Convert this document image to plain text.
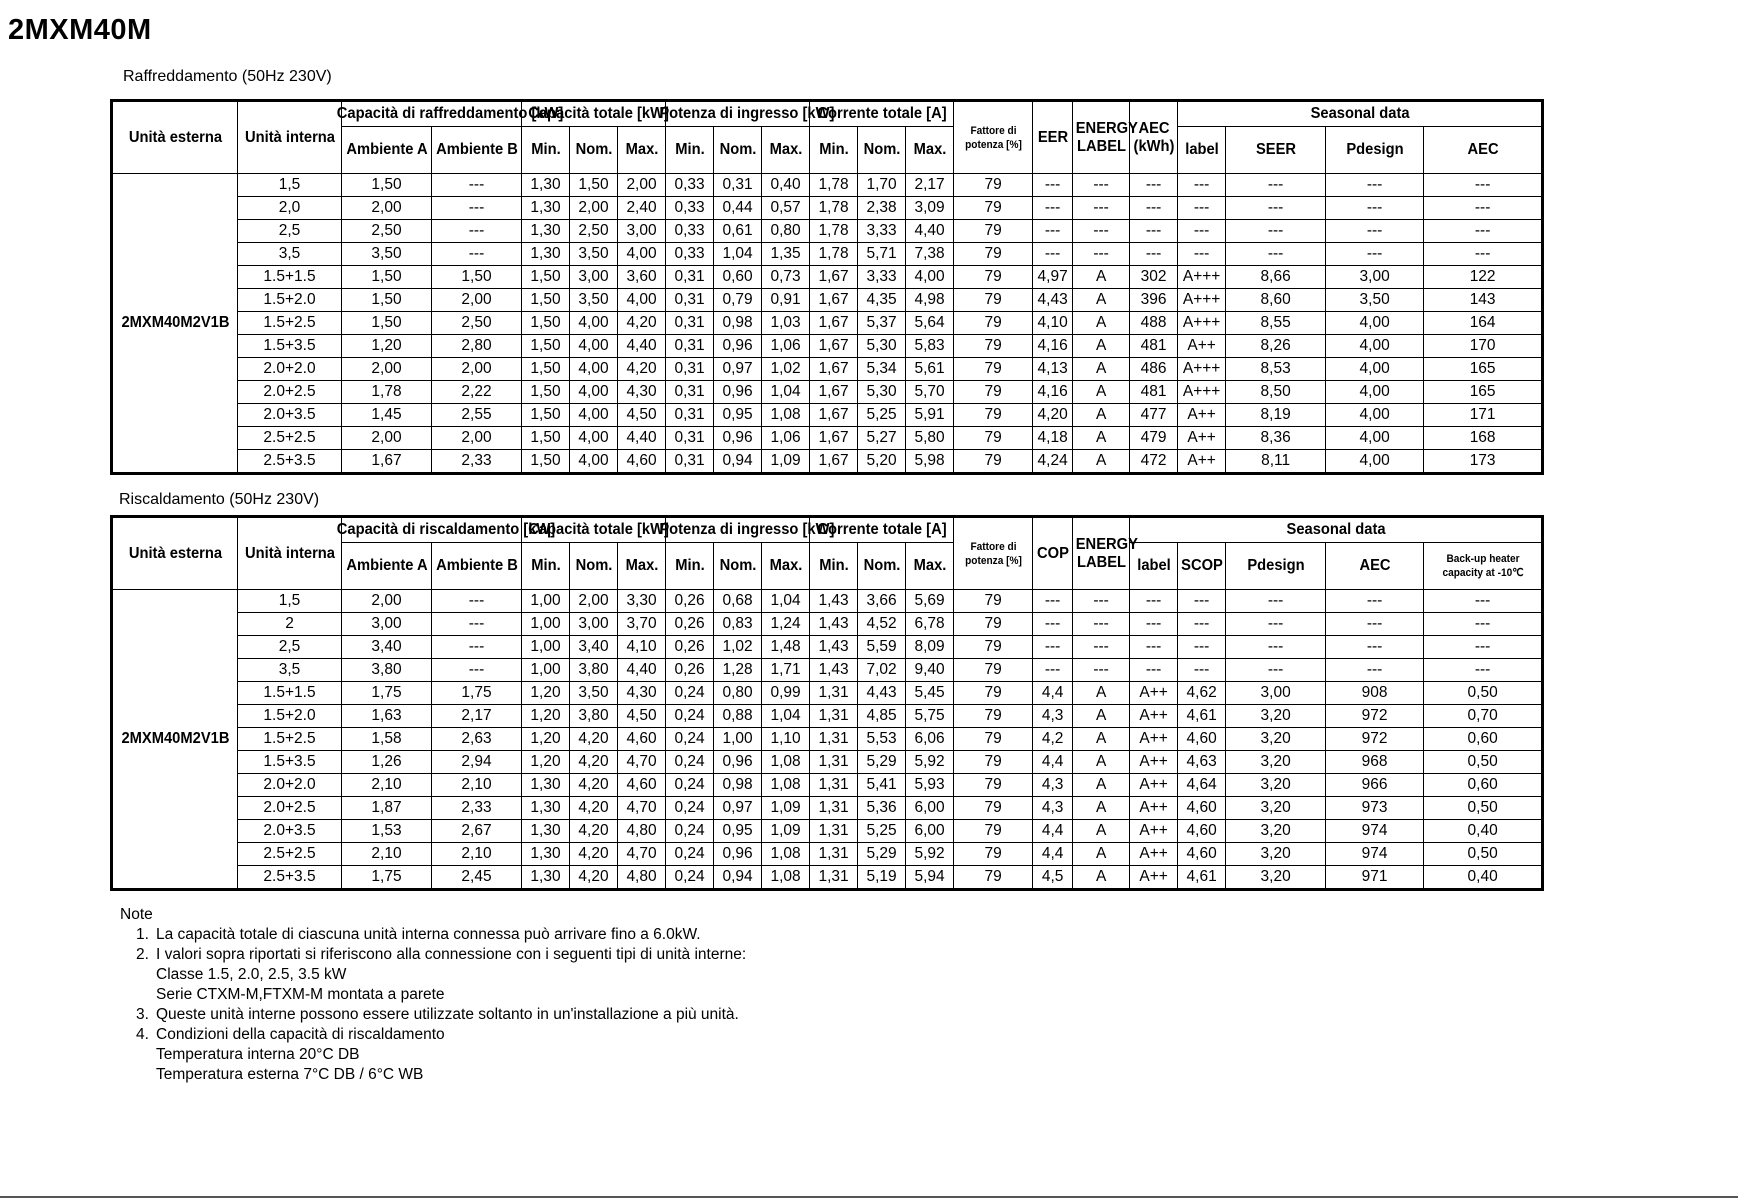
2MXM40M
Raffreddamento (50Hz 230V)
Unità esterna	Unità interna	Capacità di raffreddamento [kW]		Capacità totale [kW]			Potenza di ingresso [kW]			Corrente totale [A]			Fattore di potenza [%]	EER	ENERGY LABEL	AEC (kWh)	Seasonal data			
		Ambiente A	Ambiente B	Min.	Nom.	Max.	Min.	Nom.	Max.	Min.	Nom.	Max.					label	SEER	Pdesign	AEC
2MXM40M2V1B	1,5	1,50	---	1,30	1,50	2,00	0,33	0,31	0,40	1,78	1,70	2,17	79	---	---	---	---	---	---	---
	2,0	2,00	---	1,30	2,00	2,40	0,33	0,44	0,57	1,78	2,38	3,09	79	---	---	---	---	---	---	---
	2,5	2,50	---	1,30	2,50	3,00	0,33	0,61	0,80	1,78	3,33	4,40	79	---	---	---	---	---	---	---
	3,5	3,50	---	1,30	3,50	4,00	0,33	1,04	1,35	1,78	5,71	7,38	79	---	---	---	---	---	---	---
	1.5+1.5	1,50	1,50	1,50	3,00	3,60	0,31	0,60	0,73	1,67	3,33	4,00	79	4,97	A	302	A+++	8,66	3,00	122
	1.5+2.0	1,50	2,00	1,50	3,50	4,00	0,31	0,79	0,91	1,67	4,35	4,98	79	4,43	A	396	A+++	8,60	3,50	143
	1.5+2.5	1,50	2,50	1,50	4,00	4,20	0,31	0,98	1,03	1,67	5,37	5,64	79	4,10	A	488	A+++	8,55	4,00	164
	1.5+3.5	1,20	2,80	1,50	4,00	4,40	0,31	0,96	1,06	1,67	5,30	5,83	79	4,16	A	481	A++	8,26	4,00	170
	2.0+2.0	2,00	2,00	1,50	4,00	4,20	0,31	0,97	1,02	1,67	5,34	5,61	79	4,13	A	486	A+++	8,53	4,00	165
	2.0+2.5	1,78	2,22	1,50	4,00	4,30	0,31	0,96	1,04	1,67	5,30	5,70	79	4,16	A	481	A+++	8,50	4,00	165
	2.0+3.5	1,45	2,55	1,50	4,00	4,50	0,31	0,95	1,08	1,67	5,25	5,91	79	4,20	A	477	A++	8,19	4,00	171
	2.5+2.5	2,00	2,00	1,50	4,00	4,40	0,31	0,96	1,06	1,67	5,27	5,80	79	4,18	A	479	A++	8,36	4,00	168
	2.5+3.5	1,67	2,33	1,50	4,00	4,60	0,31	0,94	1,09	1,67	5,20	5,98	79	4,24	A	472	A++	8,11	4,00	173
Riscaldamento (50Hz 230V)
Unità esterna	Unità interna	Capacità di riscaldamento [kW]		Capacità totale [kW]			Potenza di ingresso [kW]			Corrente totale [A]			Fattore di potenza [%]	COP	ENERGY LABEL	Seasonal data				
		Ambiente A	Ambiente B	Min.	Nom.	Max.	Min.	Nom.	Max.	Min.	Nom.	Max.				label	SCOP	Pdesign	AEC	Back-up heater capacity at -10℃
2MXM40M2V1B	1,5	2,00	---	1,00	2,00	3,30	0,26	0,68	1,04	1,43	3,66	5,69	79	---	---	---	---	---	---	---
	2	3,00	---	1,00	3,00	3,70	0,26	0,83	1,24	1,43	4,52	6,78	79	---	---	---	---	---	---	---
	2,5	3,40	---	1,00	3,40	4,10	0,26	1,02	1,48	1,43	5,59	8,09	79	---	---	---	---	---	---	---
	3,5	3,80	---	1,00	3,80	4,40	0,26	1,28	1,71	1,43	7,02	9,40	79	---	---	---	---	---	---	---
	1.5+1.5	1,75	1,75	1,20	3,50	4,30	0,24	0,80	0,99	1,31	4,43	5,45	79	4,4	A	A++	4,62	3,00	908	0,50
	1.5+2.0	1,63	2,17	1,20	3,80	4,50	0,24	0,88	1,04	1,31	4,85	5,75	79	4,3	A	A++	4,61	3,20	972	0,70
	1.5+2.5	1,58	2,63	1,20	4,20	4,60	0,24	1,00	1,10	1,31	5,53	6,06	79	4,2	A	A++	4,60	3,20	972	0,60
	1.5+3.5	1,26	2,94	1,20	4,20	4,70	0,24	0,96	1,08	1,31	5,29	5,92	79	4,4	A	A++	4,63	3,20	968	0,50
	2.0+2.0	2,10	2,10	1,30	4,20	4,60	0,24	0,98	1,08	1,31	5,41	5,93	79	4,3	A	A++	4,64	3,20	966	0,60
	2.0+2.5	1,87	2,33	1,30	4,20	4,70	0,24	0,97	1,09	1,31	5,36	6,00	79	4,3	A	A++	4,60	3,20	973	0,50
	2.0+3.5	1,53	2,67	1,30	4,20	4,80	0,24	0,95	1,09	1,31	5,25	6,00	79	4,4	A	A++	4,60	3,20	974	0,40
	2.5+2.5	2,10	2,10	1,30	4,20	4,70	0,24	0,96	1,08	1,31	5,29	5,92	79	4,4	A	A++	4,60	3,20	974	0,50
	2.5+3.5	1,75	2,45	1,30	4,20	4,80	0,24	0,94	1,08	1,31	5,19	5,94	79	4,5	A	A++	4,61	3,20	971	0,40
Note
1. La capacità totale di ciascuna unità interna connessa può arrivare fino a 6.0kW.
2. I valori sopra riportati si riferiscono alla connessione con i seguenti tipi di unità interne:
Classe 1.5, 2.0, 2.5, 3.5 kW
Serie CTXM-M,FTXM-M montata a parete
3. Queste unità interne possono essere utilizzate soltanto in un'installazione a più unità.
4. Condizioni della capacità di riscaldamento
Temperatura interna 20°C DB
Temperatura esterna 7°C DB / 6°C WB
